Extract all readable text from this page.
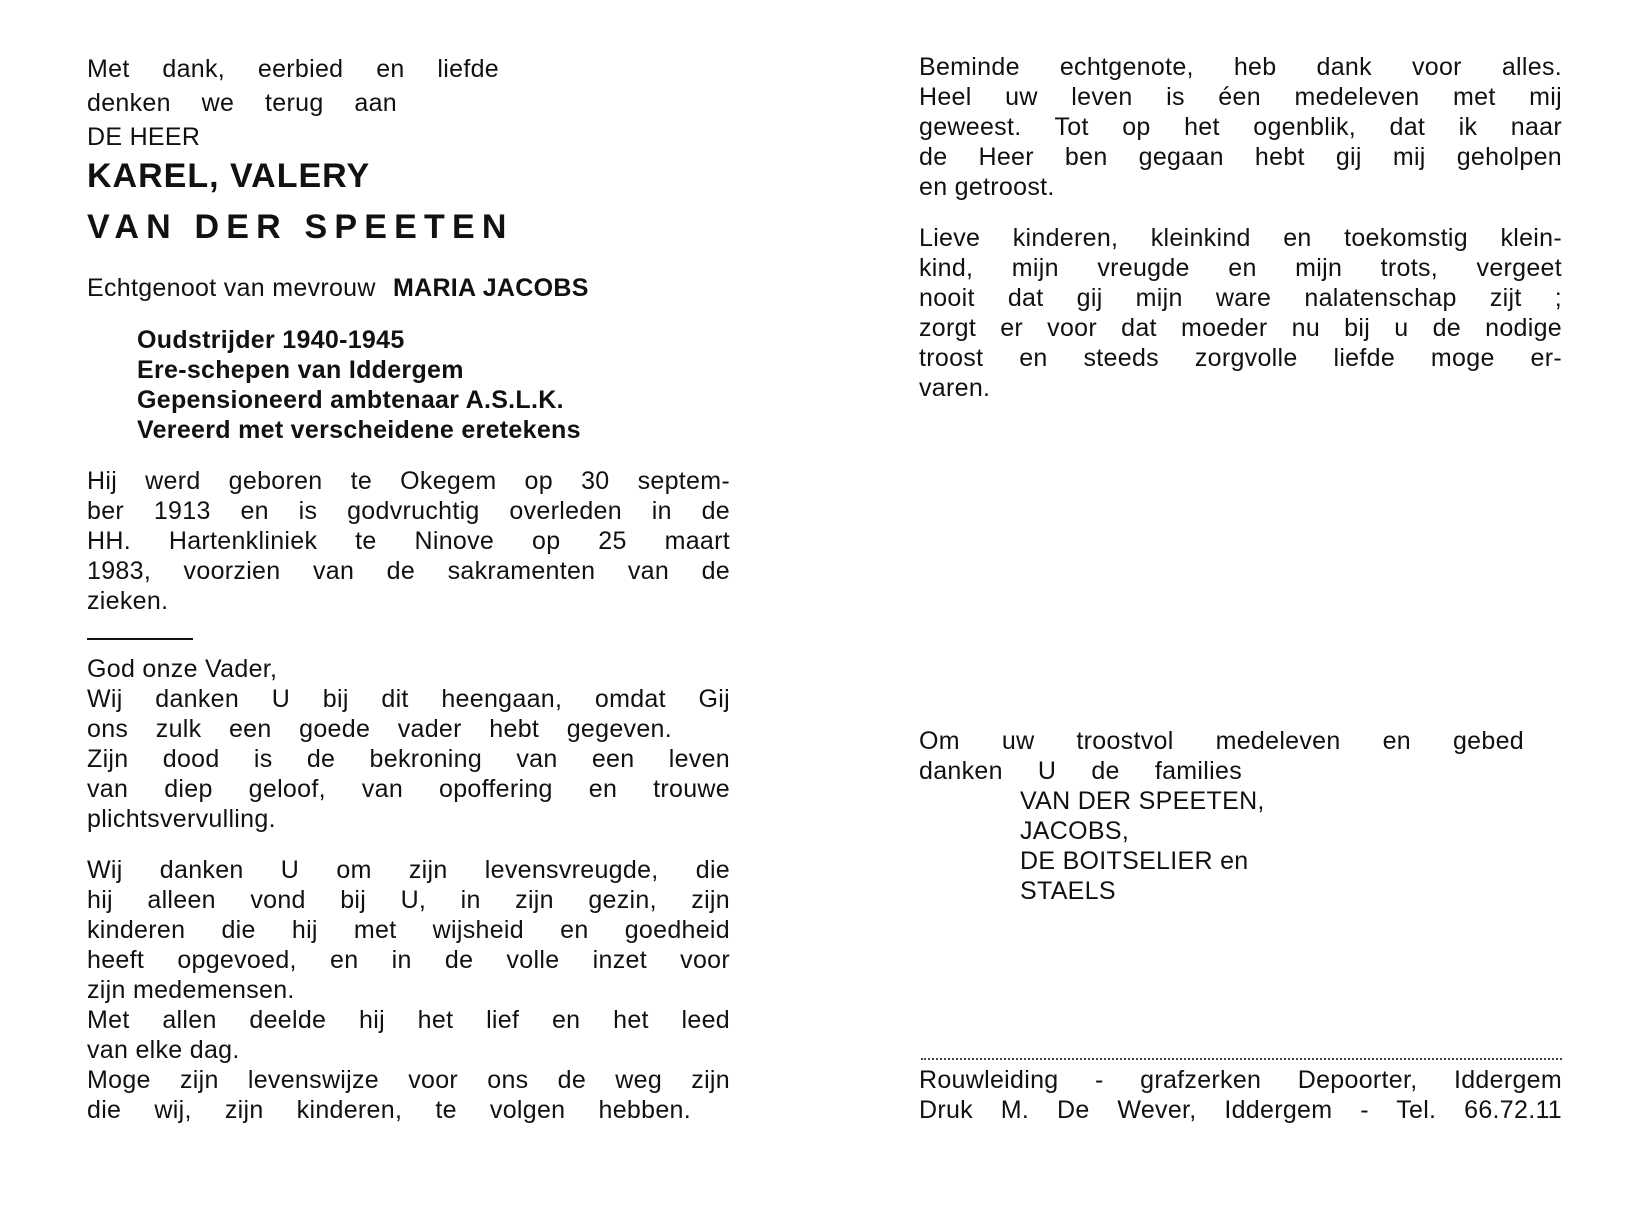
Met dank, eerbied en liefde
denken we terug aan
DE HEER
KAREL, VALERY
VAN DER SPEETEN
Echtgenoot van mevrouw MARIA JACOBS
Oudstrijder 1940-1945
Ere-schepen van Iddergem
Gepensioneerd ambtenaar A.S.L.K.
Vereerd met verscheidene eretekens
Hij werd geboren te Okegem op 30 septem-
ber 1913 en is godvruchtig overleden in de
HH. Hartenkliniek te Ninove op 25 maart
1983, voorzien van de sakramenten van de
zieken.
God onze Vader,
Wij danken U bij dit heengaan, omdat Gij
ons zulk een goede vader hebt gegeven.
Zijn dood is de bekroning van een leven
van diep geloof, van opoffering en trouwe
plichtsvervulling.
Wij danken U om zijn levensvreugde, die
hij alleen vond bij U, in zijn gezin, zijn
kinderen die hij met wijsheid en goedheid
heeft opgevoed, en in de volle inzet voor
zijn medemensen.
Met allen deelde hij het lief en het leed
van elke dag.
Moge zijn levenswijze voor ons de weg zijn
die wij, zijn kinderen, te volgen hebben.
Beminde echtgenote, heb dank voor alles.
Heel uw leven is éen medeleven met mij
geweest. Tot op het ogenblik, dat ik naar
de Heer ben gegaan hebt gij mij geholpen
en getroost.
Lieve kinderen, kleinkind en toekomstig klein-
kind, mijn vreugde en mijn trots, vergeet
nooit dat gij mijn ware nalatenschap zijt ;
zorgt er voor dat moeder nu bij u de nodige
troost en steeds zorgvolle liefde moge er-
varen.
Om uw troostvol medeleven en gebed
danken U de families
VAN DER SPEETEN,
JACOBS,
DE BOITSELIER en
STAELS
Rouwleiding - grafzerken Depoorter, Iddergem
Druk M. De Wever, Iddergem - Tel. 66.72.11
